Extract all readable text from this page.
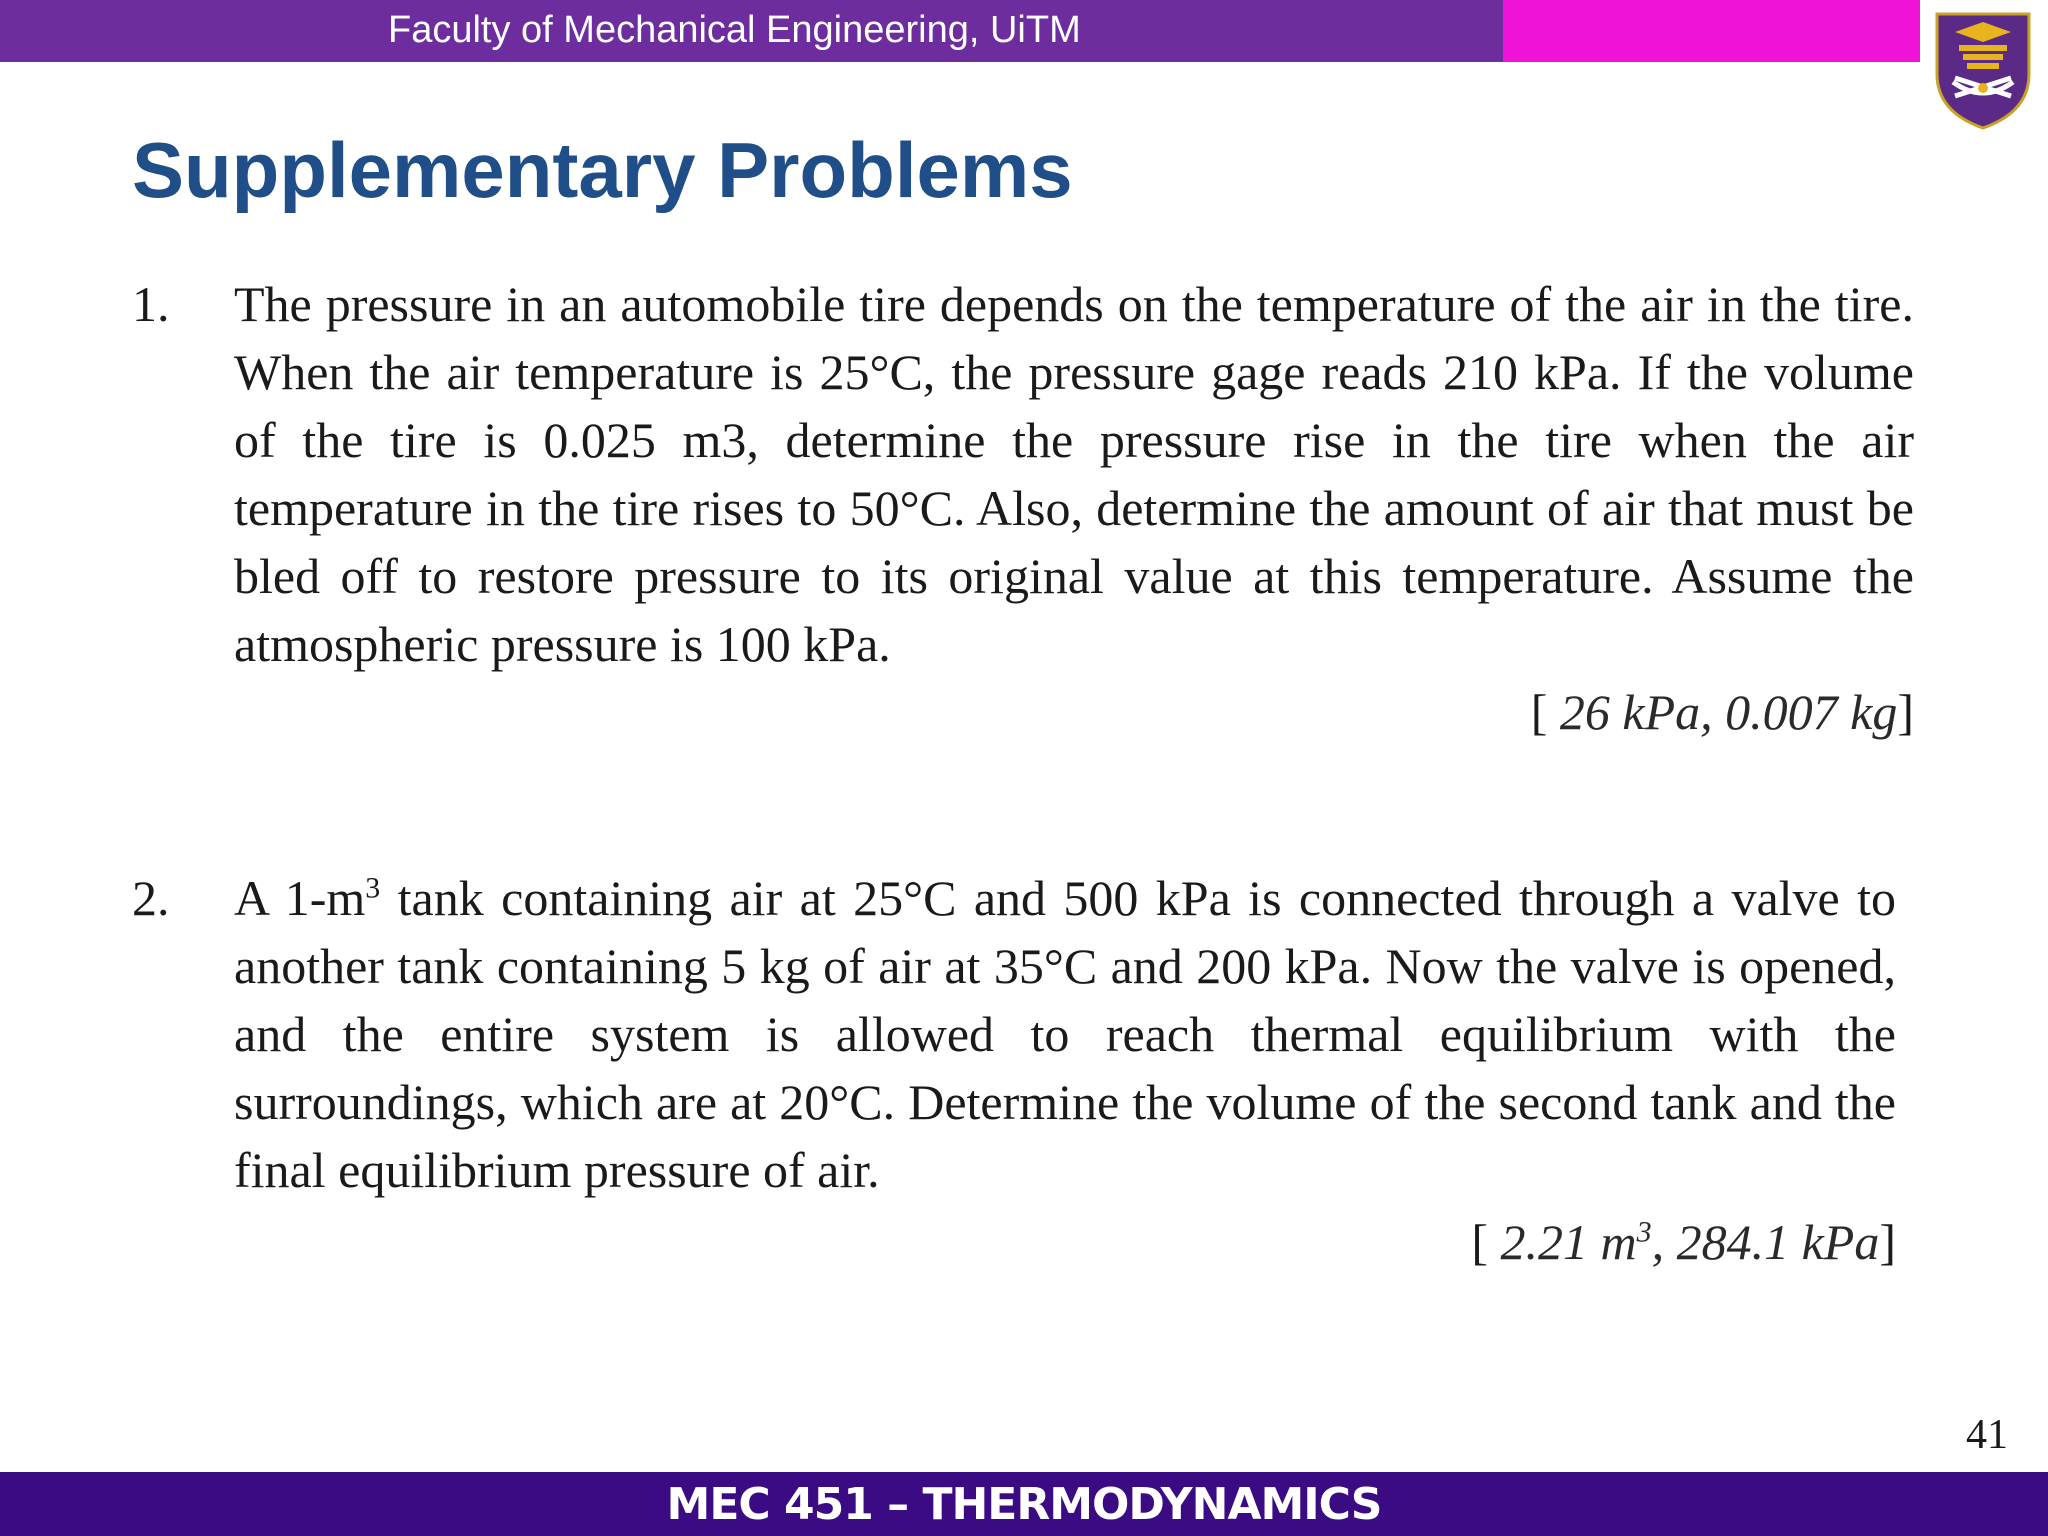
Faculty of Mechanical Engineering, UiTM
Supplementary Problems
1. The pressure in an automobile tire depends on the temperature of the air in the tire. When the air temperature is 25°C, the pressure gage reads 210 kPa. If the volume of the tire is 0.025 m3, determine the pressure rise in the tire when the air temperature in the tire rises to 50°C. Also, determine the amount of air that must be bled off to restore pressure to its original value at this temperature. Assume the atmospheric pressure is 100 kPa.
[ 26 kPa, 0.007 kg]
2. A $1-m^3$ tank containing air at 25°C and 500 kPa is connected through a valve to another tank containing 5 kg of air at 35°C and 200 kPa. Now the valve is opened, and the entire system is allowed to reach thermal equilibrium with the surroundings, which are at 20°C. Determine the volume of the second tank and the final equilibrium pressure of air.
[ 2.21 $m^3$, 284.1 kPa]
41
MEC 451 – THERMODYNAMICS
